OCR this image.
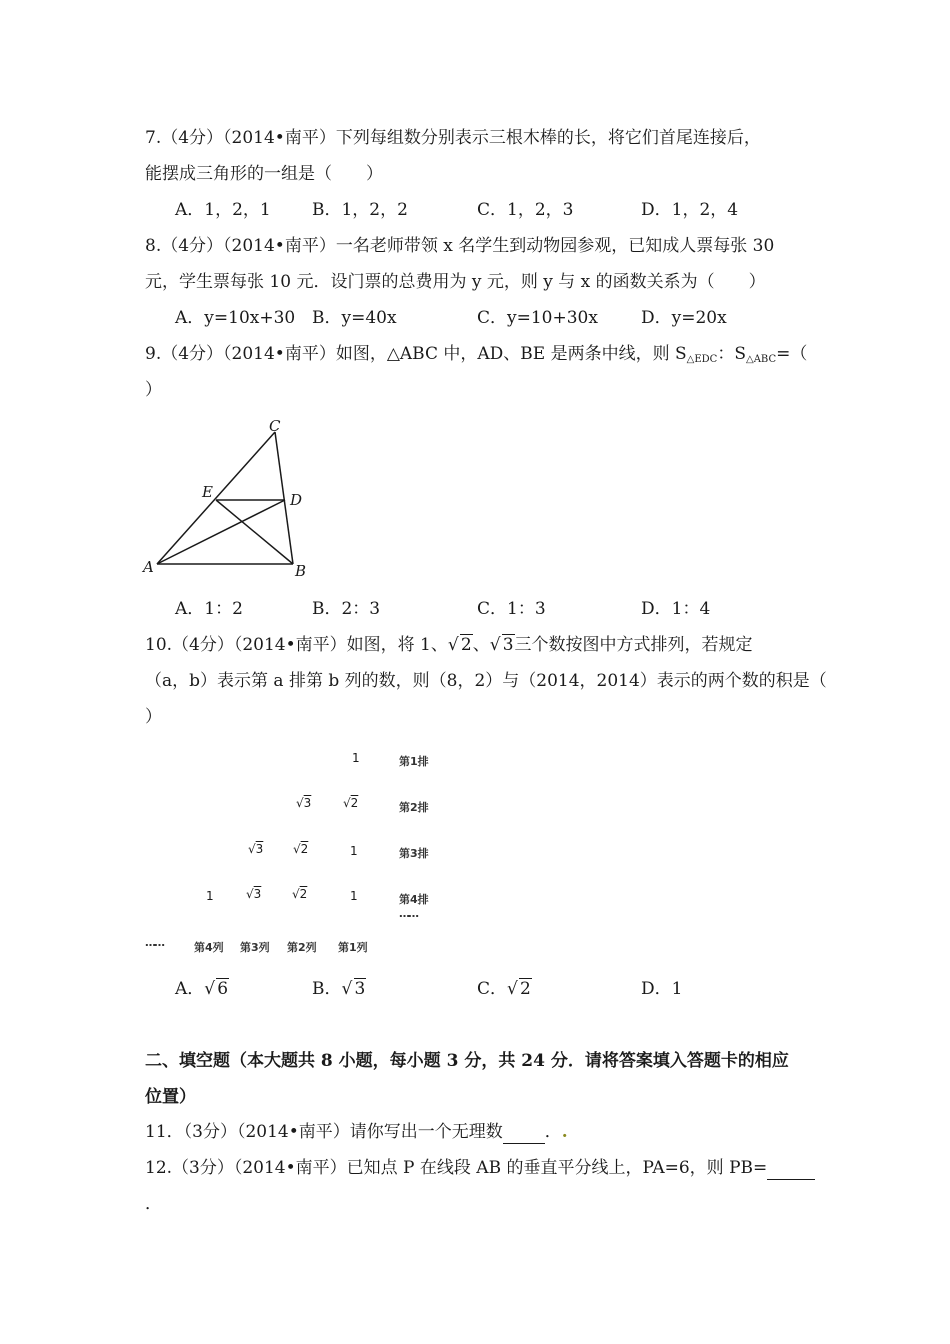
7.（4分）（2014•南平）下列每组数分别表示三根木棒的长，将它们首尾连接后，
能摆成三角形的一组是（　　）
A．1，2，1 B．1，2，2	C．1，2，3	D．1，2，4
8.（4分）（2014•南平）一名老师带领 x 名学生到动物园参观，已知成人票每张 30
元，学生票每张 10 元．设门票的总费用为 y 元，则 y 与 x 的函数关系为（　　）
A．y=10x+30 B．y=40x	C．y=10+30x	D．y=20x
9.（4分）（2014•南平）如图，△ABC 中，AD、BE 是两条中线，则 $S_{\triangle EDC}$：$S_{\triangle ABC}=$（
）
C
E	D
A	B
A．1：2	B．2：3	C．1：3	D．1：4
10.（4分）（2014•南平）如图，将 1、 √ 2、 √ 3三个数按图中方式排列，若规定
（a，b）表示第 a 排第 b 列的数，则（8，2）与（2014，2014）表示的两个数的积是（
）
1	第1排
√3	√2	第2排
√3 √2	1	第3排
1	√3	√2	1	第4排
……
……	第4列 第3列 第2列 第1列
A． √ 6	B． √ 3	C． √ 2	D．1
二、填空题（本大题共 8 小题，每小题 3 分，共 24 分．请将答案填入答题卡的相应
位置）
11．（3分）（2014•南平）请你写出一个无理数 ．.
12.（3分）（2014•南平）已知点 P 在线段 AB 的垂直平分线上，PA=6，则 PB=
．
